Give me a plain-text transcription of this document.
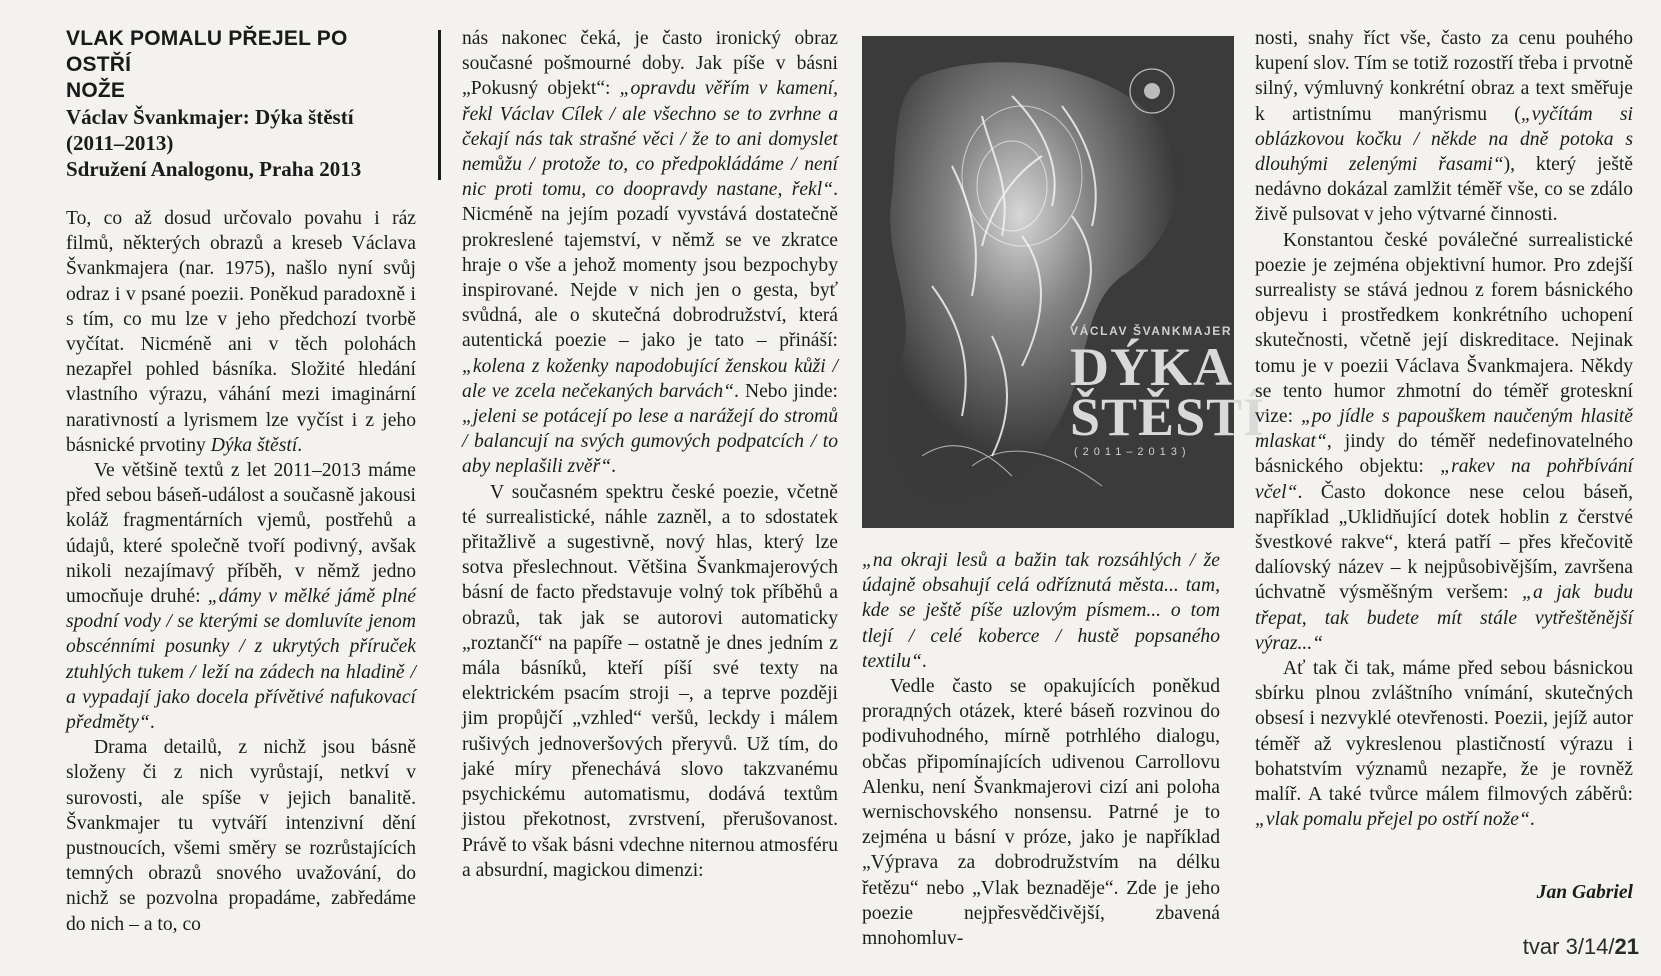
VLAK POMALU PŘEJEL PO OSTŘÍ
NOŽE
Václav Švankmajer: Dýka štěstí
(2011–2013)
Sdružení Analogonu, Praha 2013

To, co až dosud určovalo povahu i ráz filmů, některých obrazů a kreseb Václava Švankmajera (nar. 1975), našlo nyní svůj odraz i v psané poezii. Poněkud paradoxně i s tím, co mu lze v jeho předchozí tvorbě vyčítat. Nicméně ani v těch polohách nezapřel pohled básníka. Složité hledání vlastního výrazu, váhání mezi imaginární narativností a lyrismem lze vyčíst i z jeho básnické prvotiny Dýka štěstí.

Ve většině textů z let 2011–2013 máme před sebou báseň-událost a současně jakousi koláž fragmentárních vjemů, postřehů a údajů, které společně tvoří podivný, avšak nikoli nezajímavý příběh, v němž jedno umocňuje druhé: „dámy v mělké jámě plné spodní vody / se kterými se domluvíte jenom obscénními posunky / z ukrytých příruček ztuhlých tukem / leží na zádech na hladině / a vypadají jako docela přívětivé nafukovací předměty“.

Drama detailů, z nichž jsou básně složeny či z nich vyrůstají, netkví v surovosti, ale spíše v jejich banalitě. Švankmajer tu vytváří intenzivní dění pustnoucích, všemi směry se rozrůstajících temných obrazů snového uvažování, do nichž se pozvolna propadáme, zabředáme do nich – a to, co

nás nakonec čeká, je často ironický obraz současné pošmourné doby. Jak píše v básni „Pokusný objekt“: „opravdu věřím v kamení, řekl Václav Cílek / ale všechno se to zvrhne a čekají nás tak strašné věci / že to ani domyslet nemůžu / protože to, co předpokládáme / není nic proti tomu, co doopravdy nastane, řekl“. Nicméně na jejím pozadí vyvstává dostatečně prokreslené tajemství, v němž se ve zkratce hraje o vše a jehož momenty jsou bezpochyby inspirované. Nejde v nich jen o gesta, byť svůdná, ale o skutečná dobrodružství, která autentická poezie – jako je tato – přináší: „kolena z koženky napodobující ženskou kůži / ale ve zcela nečekaných barvách“. Nebo jinde: „jeleni se potácejí po lese a narážejí do stromů / balancují na svých gumových podpatcích / to aby neplašili zvěř“.

V současném spektru české poezie, včetně té surrealistické, náhle zazněl, a to sdostatek přitažlivě a sugestivně, nový hlas, který lze sotva přeslechnout. Většina Švankmajerových básní de facto představuje volný tok příběhů a obrazů, tak jak se autorovi automaticky „roztančí“ na papíře – ostatně je dnes jedním z mála básníků, kteří píší své texty na elektrickém psacím stroji –, a teprve později jim propůjčí „vzhled“ veršů, leckdy i málem rušivých jednoveršových přeryvů. Už tím, do jaké míry přenechává slovo takzvanému psychickému automatismu, dodává textům jistou překotnost, zvrstvení, přerušovanost. Právě to však básni vdechne niternou atmosféru a absurdní, magickou dimenzi:

VÁCLAV ŠVANKMAJER
DÝKA
ŠTĚSTÍ
(2011–2013)

„na okraji lesů a bažin tak rozsáhlých / že údajně obsahují celá odříznutá města... tam, kde se ještě píše uzlovým písmem... o tom tlejí / celé koberce / hustě popsaného textilu“.

Vedle často se opakujících poněkud prorадných otázek, které báseň rozvinou do podivuhodného, mírně potrhlého dialogu, občas připomínajících udivenou Carrollovu Alenku, není Švankmajerovi cizí ani poloha wernischovského nonsensu. Patrné je to zejména u básní v próze, jako je například „Výprava za dobrodružstvím na délku řetězu“ nebo „Vlak beznaděje“. Zde je jeho poezie nejpřesvědčivější, zbavená mnohomluv-

nosti, snahy říct vše, často za cenu pouhého kupení slov. Tím se totiž rozostří třeba i prvotně silný, výmluvný konkrétní obraz a text směřuje k artistnímu manýrismu („vyčítám si oblázkovou kočku / někde na dně potoka s dlouhými zelenými řasami“), který ještě nedávno dokázal zamlžit téměř vše, co se zdálo živě pulsovat v jeho výtvarné činnosti.

Konstantou české poválečné surrealistické poezie je zejména objektivní humor. Pro zdejší surrealisty se stává jednou z forem básnického objevu i prostředkem konkrétního uchopení skutečnosti, včetně její diskreditace. Nejinak tomu je v poezii Václava Švankmajera. Někdy se tento humor zhmotní do téměř groteskní vize: „po jídle s papouškem naučeným hlasitě mlaskat“, jindy do téměř nedefinovatelného básnického objektu: „rakev na pohřbívání včel“. Často dokonce nese celou báseň, například „Uklidňující dotek hoblin z čerstvé švestkové rakve“, která patří – přes křečovitě dalíovský název – k nejpůsobivějším, završena úchvatně výsměšným veršem: „a jak budu třepat, tak budete mít stále vytřeštěnější výraz...“

Ať tak či tak, máme před sebou básnickou sbírku plnou zvláštního vnímání, skutečných obsesí i nezvyklé otevřenosti. Poezii, jejíž autor téměř až vykreslenou plastičností výrazu i bohatstvím významů nezapře, že je rovněž malíř. A také tvůrce málem filmových záběrů: „vlak pomalu přejel po ostří nože“.

Jan Gabriel
tvar 3/14/21
